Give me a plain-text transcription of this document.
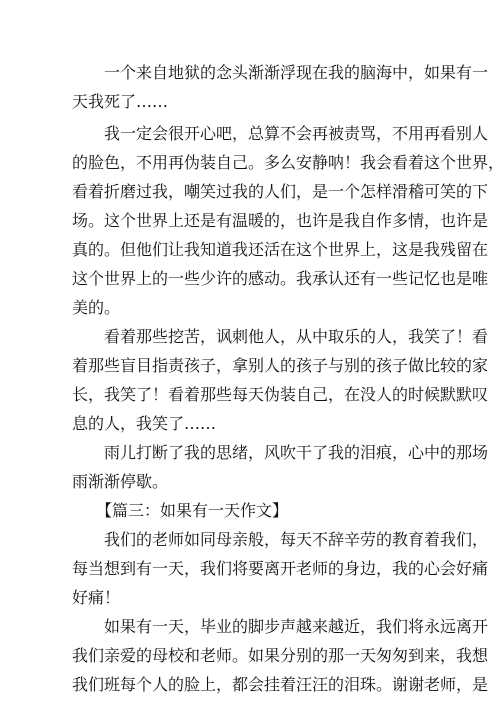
　　一个来自地狱的念头渐渐浮现在我的脑海中，如果有一
天我死了……
　　我一定会很开心吧，总算不会再被责骂，不用再看别人
的脸色，不用再伪装自己。多么安静呐！我会看着这个世界，
看着折磨过我，嘲笑过我的人们，是一个怎样滑稽可笑的下
场。这个世界上还是有温暖的，也许是我自作多情，也许是
真的。但他们让我知道我还活在这个世界上，这是我残留在
这个世界上的一些少许的感动。我承认还有一些记忆也是唯
美的。
　　看着那些挖苦，讽刺他人，从中取乐的人，我笑了！看
着那些盲目指责孩子，拿别人的孩子与别的孩子做比较的家
长，我笑了！看着那些每天伪装自己，在没人的时候默默叹
息的人，我笑了……
　　雨儿打断了我的思绪，风吹干了我的泪痕，心中的那场
雨渐渐停歇。
　　【篇三：如果有一天作文】
　　我们的老师如同母亲般，每天不辞辛劳的教育着我们，
每当想到有一天，我们将要离开老师的身边，我的心会好痛
好痛！
　　如果有一天，毕业的脚步声越来越近，我们将永远离开
我们亲爱的母校和老师。如果分别的那一天匆匆到来，我想
我们班每个人的脸上，都会挂着汪汪的泪珠。谢谢老师，是
